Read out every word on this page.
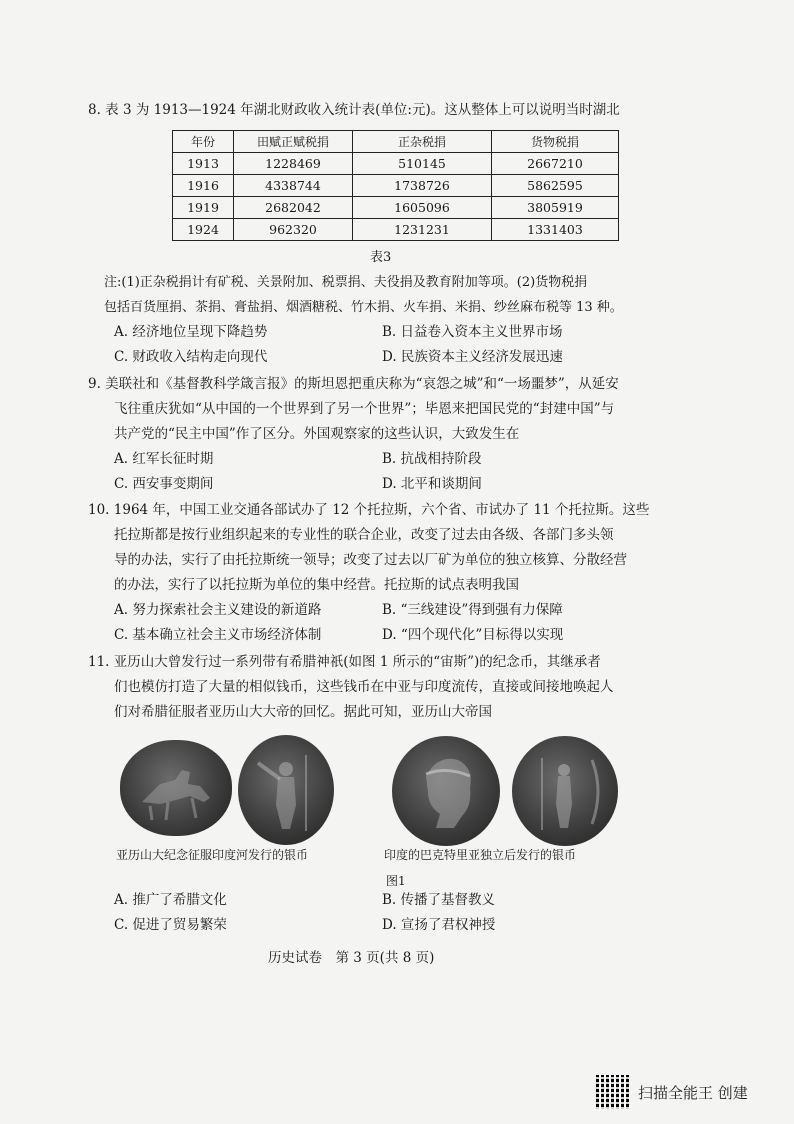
8. 表 3 为 1913—1924 年湖北财政收入统计表(单位:元)。这从整体上可以说明当时湖北

年份	田赋正赋税捐	正杂税捐	货物税捐
1913	1228469	510145	2667210
1916	4338744	1738726	5862595
1919	2682042	1605096	3805919
1924	962320	1231231	1331403
表3
注:(1)正杂税捐计有矿税、关景附加、税票捐、夫役捐及教育附加等项。(2)货物税捐
包括百货厘捐、茶捐、膏盐捐、烟酒糖税、竹木捐、火车捐、米捐、纱丝麻布税等 13 种。
A. 经济地位呈现下降趋势	B. 日益卷入资本主义世界市场
C. 财政收入结构走向现代	D. 民族资本主义经济发展迅速

9. 美联社和《基督教科学箴言报》的斯坦恩把重庆称为“哀怨之城”和“一场噩梦”，从延安

飞往重庆犹如“从中国的一个世界到了另一个世界”；毕恩来把国民党的“封建中国”与

共产党的“民主中国”作了区分。外国观察家的这些认识，大致发生在

A. 红军长征时期	B. 抗战相持阶段
C. 西安事变期间	D. 北平和谈期间

10. 1964 年，中国工业交通各部试办了 12 个托拉斯，六个省、市试办了 11 个托拉斯。这些

托拉斯都是按行业组织起来的专业性的联合企业，改变了过去由各级、各部门多头领

导的办法，实行了由托拉斯统一领导；改变了过去以厂矿为单位的独立核算、分散经营

的办法，实行了以托拉斯为单位的集中经营。托拉斯的试点表明我国

A. 努力探索社会主义建设的新道路	B. “三线建设”得到强有力保障
C. 基本确立社会主义市场经济体制	D. “四个现代化”目标得以实现

11. 亚历山大曾发行过一系列带有希腊神祇(如图 1 所示的“宙斯”)的纪念币，其继承者

们也模仿打造了大量的相似钱币，这些钱币在中亚与印度流传，直接或间接地唤起人

们对希腊征服者亚历山大大帝的回忆。据此可知，亚历山大帝国

亚历山大纪念征服印度河发行的银币	印度的巴克特里亚独立后发行的银币
图1
A. 推广了希腊文化	B. 传播了基督教义
C. 促进了贸易繁荣	D. 宣扬了君权神授
历史试卷　第 3 页(共 8 页)
扫描全能王 创建
